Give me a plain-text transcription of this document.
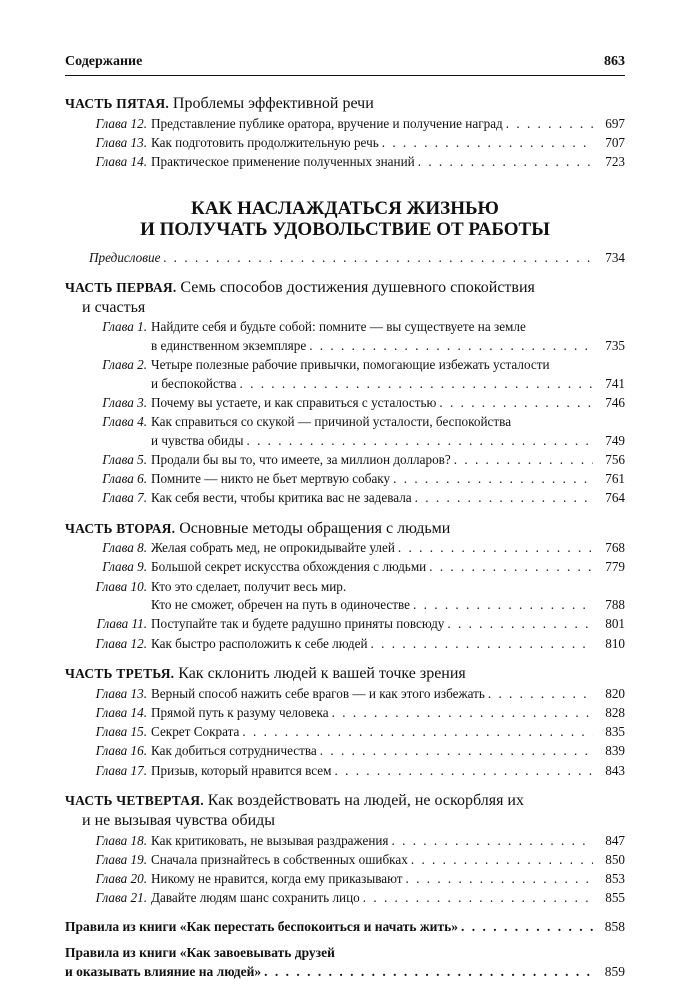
Содержание	863
ЧАСТЬ ПЯТАЯ. Проблемы эффективной речи
Глава 12. Представление публике оратора, вручение и получение наград . . .	697
Глава 13. Как подготовить продолжительную речь . . .	707
Глава 14. Практическое применение полученных знаний . . .	723
КАК НАСЛАЖДАТЬСЯ ЖИЗНЬЮ
И ПОЛУЧАТЬ УДОВОЛЬСТВИЕ ОТ РАБОТЫ
Предисловие . . .	734
ЧАСТЬ ПЕРВАЯ. Семь способов достижения душевного спокойствия
и счастья
Глава 1. Найдите себя и будьте собой: помните — вы существуете на земле
в единственном экземпляре . . .	735
Глава 2. Четыре полезные рабочие привычки, помогающие избежать усталости
и беспокойства . . .	741
Глава 3. Почему вы устаете, и как справиться с усталостью . . .	746
Глава 4. Как справиться со скукой — причиной усталости, беспокойства
и чувства обиды . . .	749
Глава 5. Продали бы вы то, что имеете, за миллион долларов? . . .	756
Глава 6. Помните — никто не бьет мертвую собаку . . .	761
Глава 7. Как себя вести, чтобы критика вас не задевала . . .	764
ЧАСТЬ ВТОРАЯ. Основные методы обращения с людьми
Глава 8. Желая собрать мед, не опрокидывайте улей . . .	768
Глава 9. Большой секрет искусства обхождения с людьми . . .	779
Глава 10. Кто это сделает, получит весь мир.
Кто не сможет, обречен на путь в одиночестве . . .	788
Глава 11. Поступайте так и будете радушно приняты повсюду . . .	801
Глава 12. Как быстро расположить к себе людей . . .	810
ЧАСТЬ ТРЕТЬЯ. Как склонить людей к вашей точке зрения
Глава 13. Верный способ нажить себе врагов — и как этого избежать . . .	820
Глава 14. Прямой путь к разуму человека . . .	828
Глава 15. Секрет Сократа . . .	835
Глава 16. Как добиться сотрудничества . . .	839
Глава 17. Призыв, который нравится всем . . .	843
ЧАСТЬ ЧЕТВЕРТАЯ. Как воздействовать на людей, не оскорбляя их
и не вызывая чувства обиды
Глава 18. Как критиковать, не вызывая раздражения . . .	847
Глава 19. Сначала признайтесь в собственных ошибках . . .	850
Глава 20. Никому не нравится, когда ему приказывают . . .	853
Глава 21. Давайте людям шанс сохранить лицо . . .	855
Правила из книги «Как перестать беспокоиться и начать жить» . . .	858
Правила из книги «Как завоевывать друзей
и оказывать влияние на людей» . . .	859
